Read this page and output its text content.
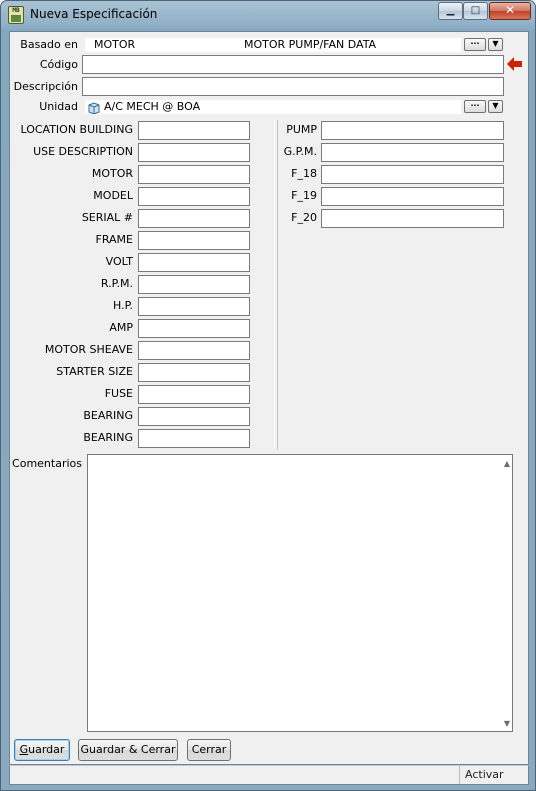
MB Nueva Especificación	▁	□	✕
Basado en MOTOR	MOTOR PUMP/FAN DATA	···	▼
Código
Descripción
Unidad A/C MECH @ BOA	···	▼
LOCATION BUILDING
USE DESCRIPTION
MOTOR
MODEL
SERIAL #
FRAME
VOLT
R.P.M.
H.P.
AMP
MOTOR SHEAVE
STARTER SIZE
FUSE
BEARING
BEARING
PUMP
G.P.M.
F_18
F_19
F_20
Comentarios	▲
▼
Guardar	Guardar & Cerrar	Cerrar
Activar
